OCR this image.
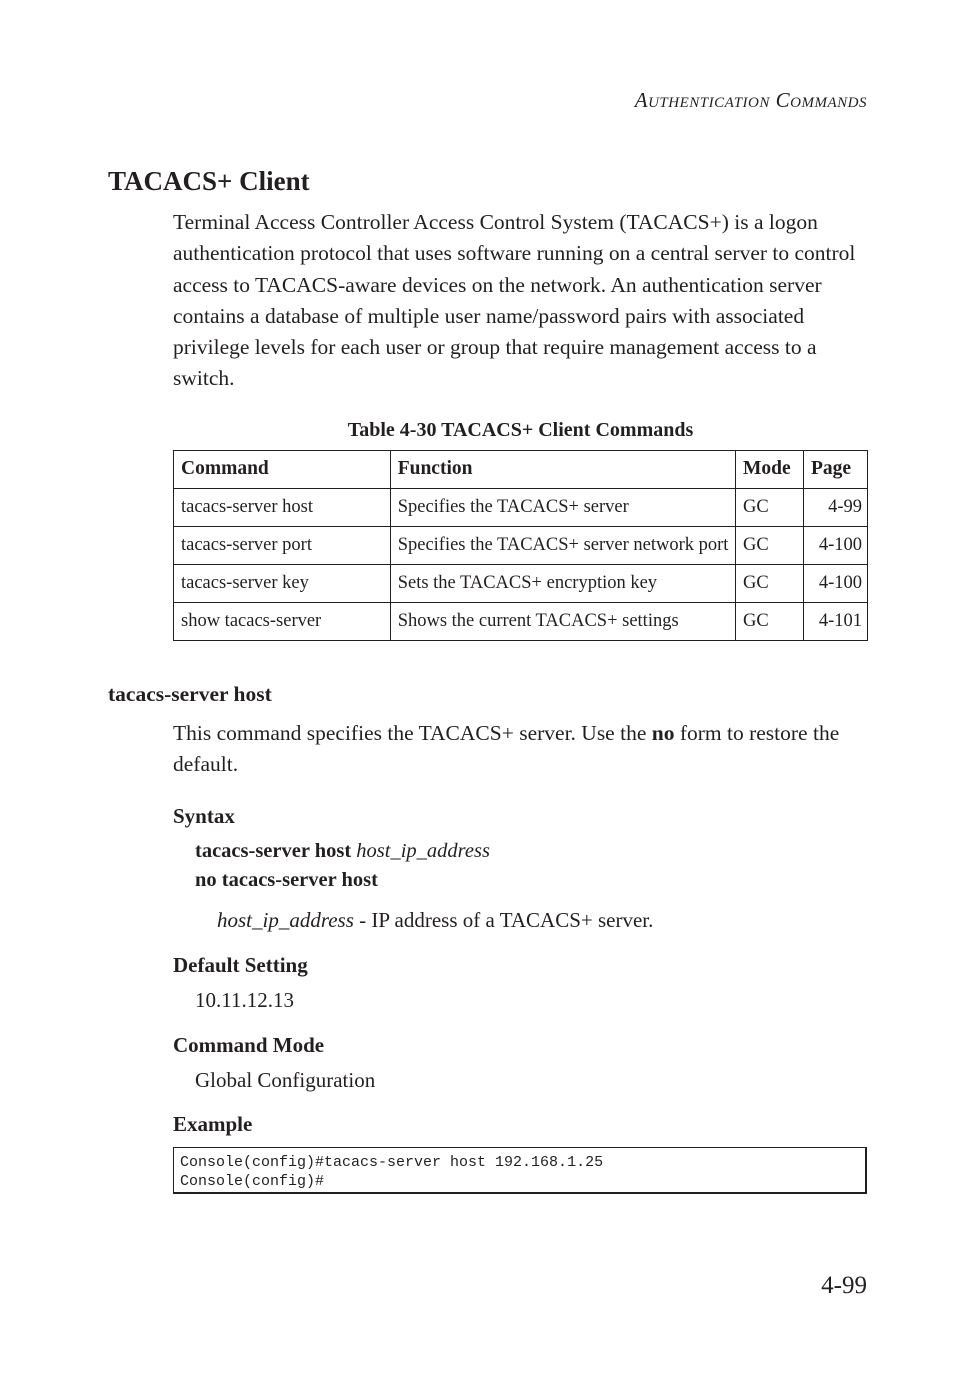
Authentication Commands
TACACS+ Client
Terminal Access Controller Access Control System (TACACS+) is a logon authentication protocol that uses software running on a central server to control access to TACACS-aware devices on the network. An authentication server contains a database of multiple user name/password pairs with associated privilege levels for each user or group that require management access to a switch.
Table 4-30 TACACS+ Client Commands
Command	Function	Mode	Page
tacacs-server host	Specifies the TACACS+ server	GC	4-99
tacacs-server port	Specifies the TACACS+ server network port	GC	4-100
tacacs-server key	Sets the TACACS+ encryption key	GC	4-100
show tacacs-server	Shows the current TACACS+ settings	GC	4-101
tacacs-server host
This command specifies the TACACS+ server. Use the no form to restore the default.
Syntax
tacacs-server host host_ip_address
no tacacs-server host
host_ip_address - IP address of a TACACS+ server.
Default Setting
10.11.12.13
Command Mode
Global Configuration
Example
Console(config)#tacacs-server host 192.168.1.25
Console(config)#
4-99
